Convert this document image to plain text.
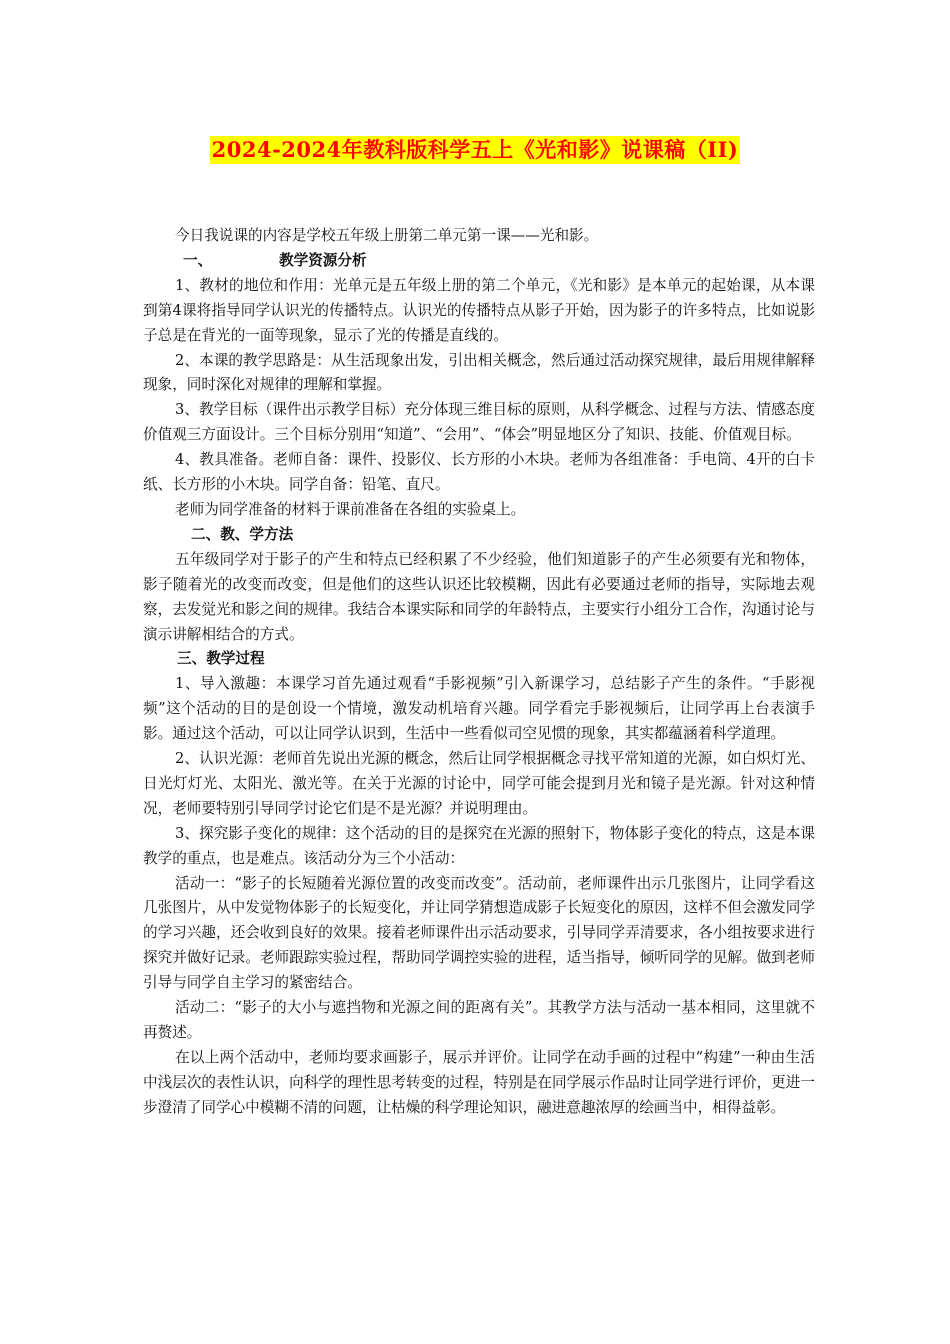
2024-2024年教科版科学五上《光和影》说课稿（II)

今日我说课的内容是学校五年级上册第二单元第一课——光和影。

一、	教学资源分析

1、教材的地位和作用：光单元是五年级上册的第二个单元，《光和影》是本单元的起始课，从本课到第4课将指导同学认识光的传播特点。认识光的传播特点从影子开始，因为影子的许多特点，比如说影子总是在背光的一面等现象，显示了光的传播是直线的。

2、本课的教学思路是：从生活现象出发，引出相关概念，然后通过活动探究规律，最后用规律解释现象，同时深化对规律的理解和掌握。

3、教学目标（课件出示教学目标）充分体现三维目标的原则，从科学概念、过程与方法、情感态度价值观三方面设计。三个目标分别用“知道”、“会用”、“体会”明显地区分了知识、技能、价值观目标。

4、教具准备。老师自备：课件、投影仪、长方形的小木块。老师为各组准备：手电筒、4开的白卡纸、长方形的小木块。同学自备：铅笔、直尺。

老师为同学准备的材料于课前准备在各组的实验桌上。

二、教、学方法

五年级同学对于影子的产生和特点已经积累了不少经验，他们知道影子的产生必须要有光和物体，影子随着光的改变而改变，但是他们的这些认识还比较模糊，因此有必要通过老师的指导，实际地去观察，去发觉光和影之间的规律。我结合本课实际和同学的年龄特点，主要实行小组分工合作，沟通讨论与演示讲解相结合的方式。

三、教学过程

1、导入激趣：本课学习首先通过观看“手影视频”引入新课学习，总结影子产生的条件。“手影视频”这个活动的目的是创设一个情境，激发动机培育兴趣。同学看完手影视频后，让同学再上台表演手影。通过这个活动，可以让同学认识到，生活中一些看似司空见惯的现象，其实都蕴涵着科学道理。

2、认识光源：老师首先说出光源的概念，然后让同学根据概念寻找平常知道的光源，如白炽灯光、日光灯灯光、太阳光、激光等。在关于光源的讨论中，同学可能会提到月光和镜子是光源。针对这种情况，老师要特别引导同学讨论它们是不是光源？并说明理由。

3、探究影子变化的规律：这个活动的目的是探究在光源的照射下，物体影子变化的特点，这是本课教学的重点，也是难点。该活动分为三个小活动：

活动一：“影子的长短随着光源位置的改变而改变”。活动前，老师课件出示几张图片，让同学看这几张图片，从中发觉物体影子的长短变化，并让同学猜想造成影子长短变化的原因，这样不但会激发同学的学习兴趣，还会收到良好的效果。接着老师课件出示活动要求，引导同学弄清要求，各小组按要求进行探究并做好记录。老师跟踪实验过程，帮助同学调控实验的进程，适当指导，倾听同学的见解。做到老师引导与同学自主学习的紧密结合。

活动二：“影子的大小与遮挡物和光源之间的距离有关”。其教学方法与活动一基本相同，这里就不再赘述。

在以上两个活动中，老师均要求画影子，展示并评价。让同学在动手画的过程中“构建”一种由生活中浅层次的表性认识，向科学的理性思考转变的过程，特别是在同学展示作品时让同学进行评价，更进一步澄清了同学心中模糊不清的问题，让枯燥的科学理论知识，融进意趣浓厚的绘画当中，相得益彰。
